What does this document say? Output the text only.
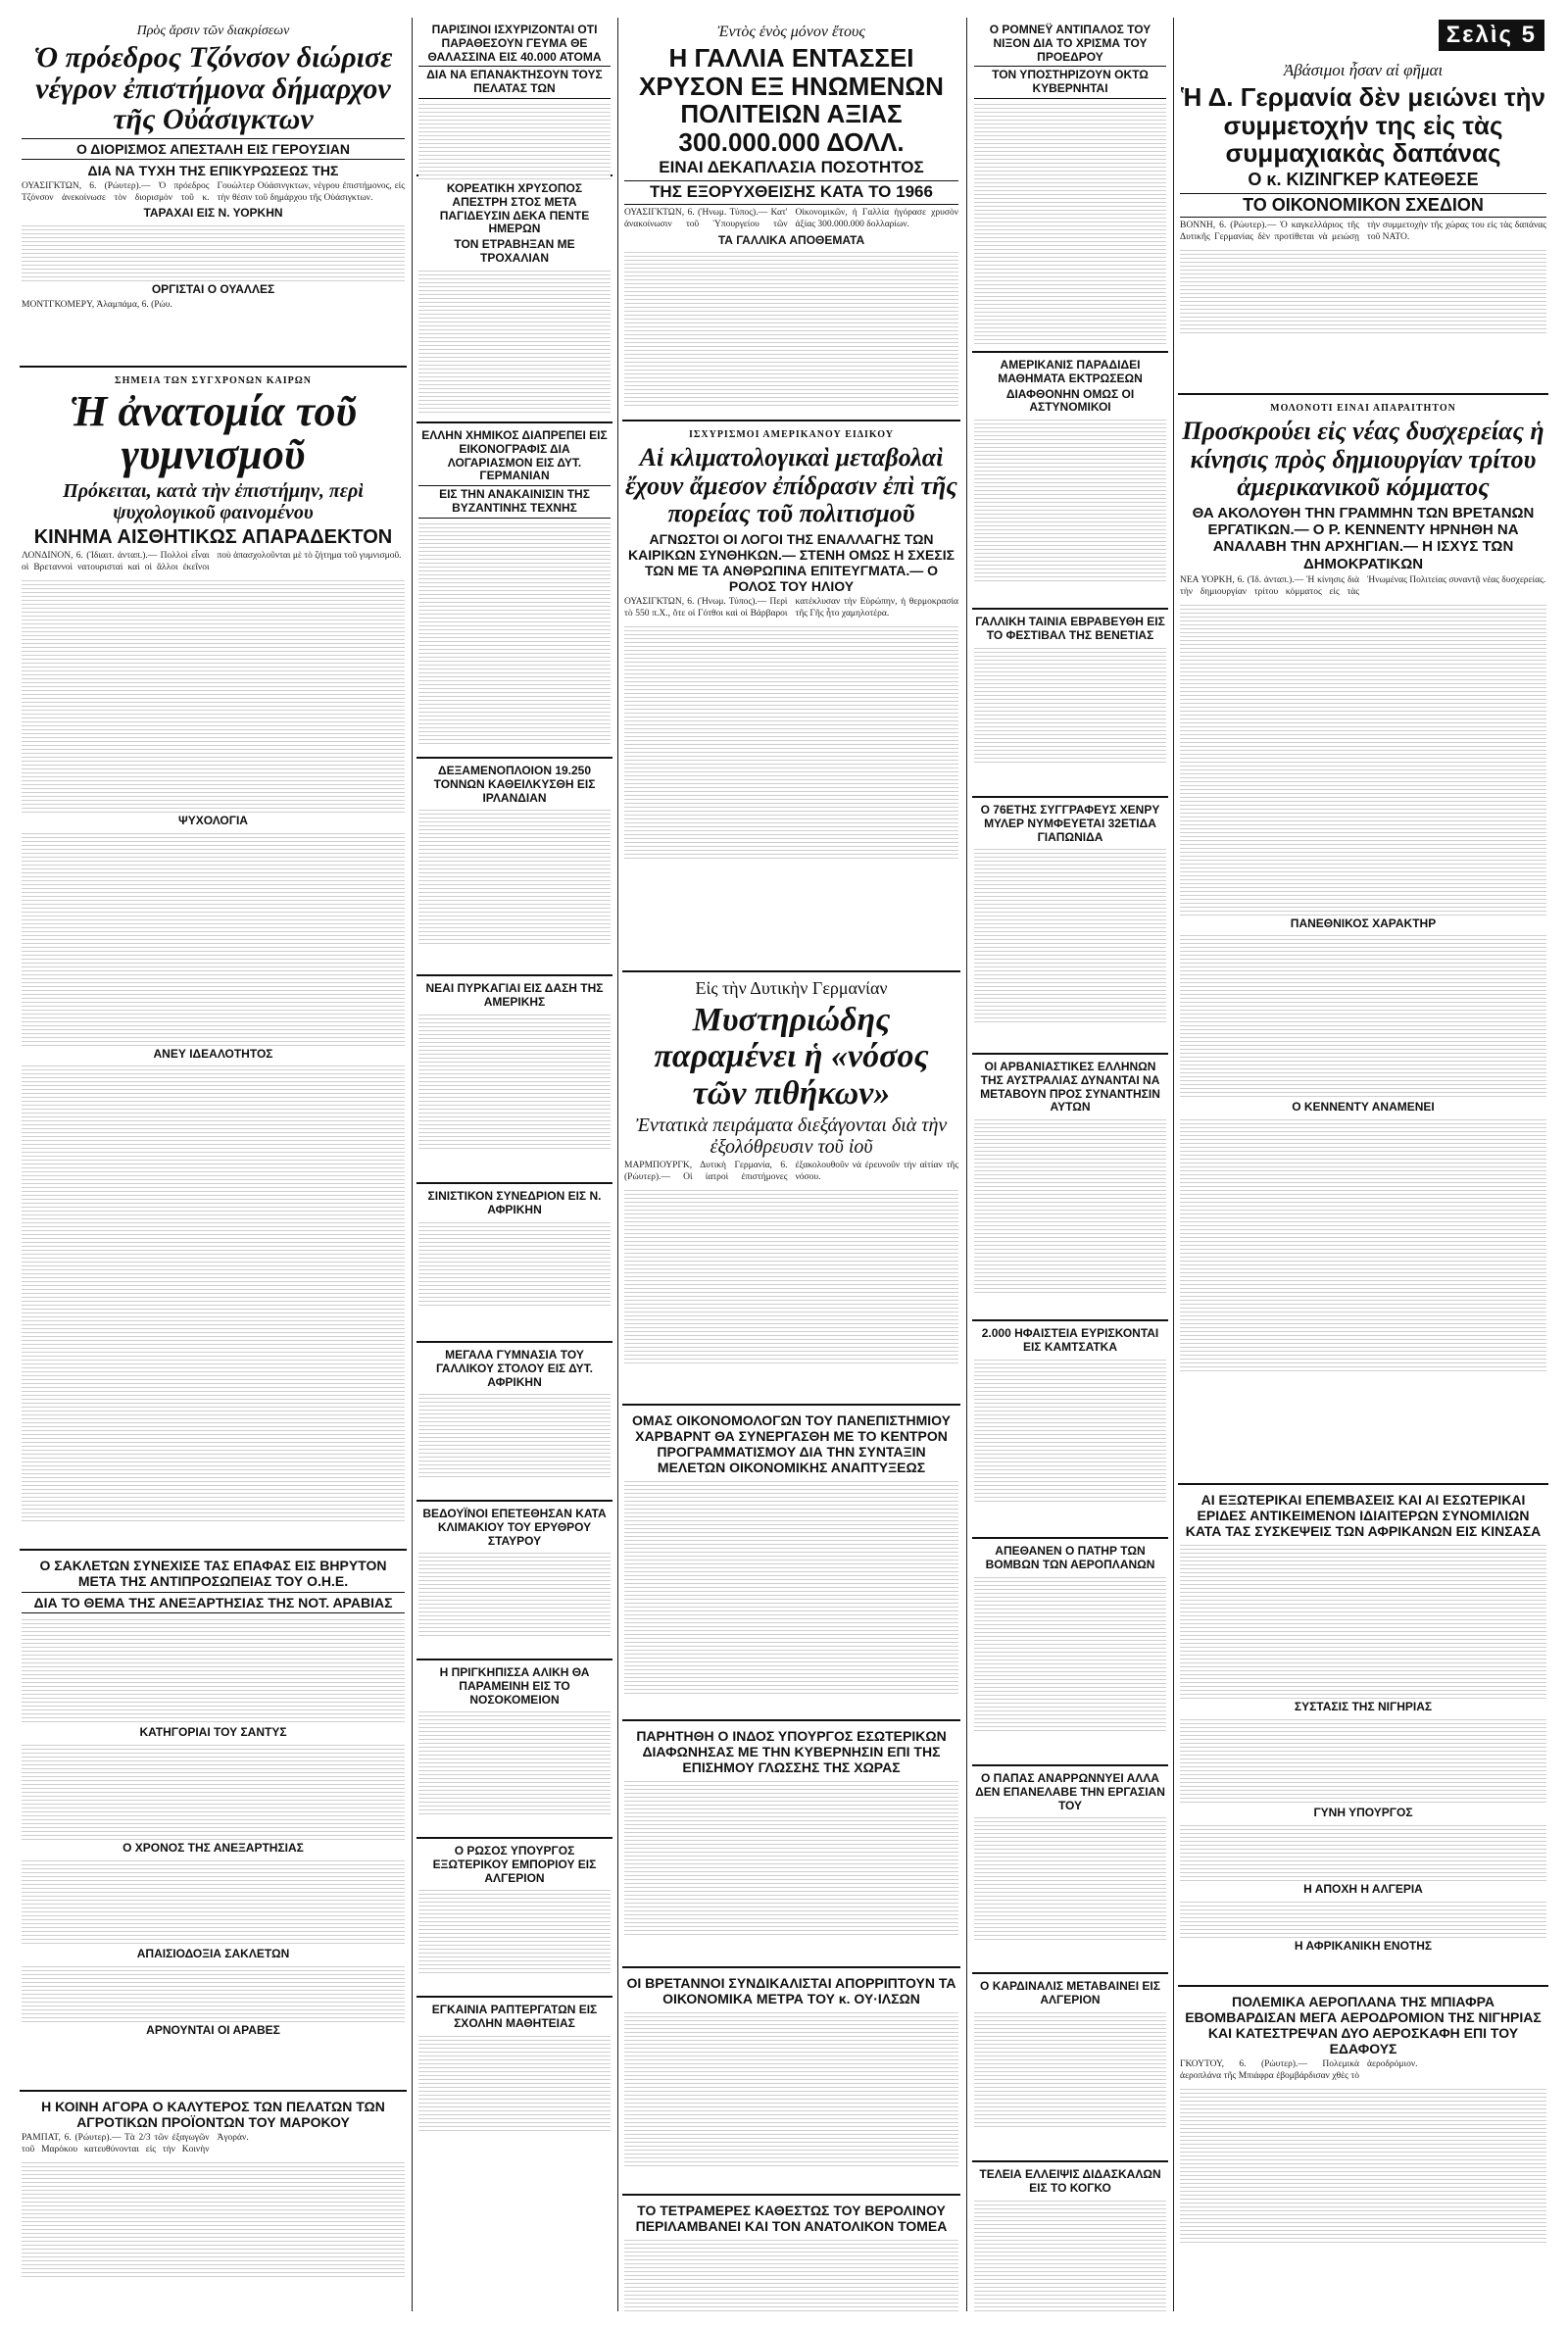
Πρὸς ἄρσιν τῶν διακρίσεων
Ὁ πρόεδρος Τζόνσον διώρισε νέγρον ἐπιστήμονα δήμαρχον τῆς Οὐάσιγκτων
Ο ΔΙΟΡΙΣΜΟΣ ΑΠΕΣΤΑΛΗ ΕΙΣ ΓΕΡΟΥΣΙΑΝ
ΔΙΑ ΝΑ ΤΥΧΗ ΤΗΣ ΕΠΙΚΥΡΩΣΕΩΣ ΤΗΣ
ΟΥΑΣΙΓΚΤΩΝ, 6. (Ρώυτερ).— Ὁ πρόεδρος Τζόνσον ἀνεκοίνωσε τὸν διορισμὸν τοῦ κ. Γουώλτερ Οὐάσινγκτων, νέγρου ἐπιστήμονος, εἰς τὴν θέσιν τοῦ δημάρχου τῆς Οὐάσιγκτων.
ΤΑΡΑΧΑΙ ΕΙΣ Ν. ΥΟΡΚΗΝ
ΟΡΓΙΣΤΑΙ Ο ΟΥΑΛΛΕΣ
ΜΟΝΤΓΚΟΜΕΡΥ, Ἀλαμπάμα, 6. (Ρώυ.
ΣΗΜΕΙΑ ΤΩΝ ΣΥΓΧΡΟΝΩΝ ΚΑΙΡΩΝ
Ἡ ἀνατομία τοῦ γυμνισμοῦ
Πρόκειται, κατὰ τὴν ἐπιστήμην, περὶ ψυχολογικοῦ φαινομένου
ΚΙΝΗΜΑ ΑΙΣΘΗΤΙΚΩΣ ΑΠΑΡΑΔΕΚΤΟΝ
ΛΟΝΔΙΝΟΝ, 6. (Ἰδιαιτ. ἀνταπ.).— Πολλοὶ εἶναι οἱ Βρεταννοὶ νατουρισταὶ καὶ οἱ ἄλλοι ἐκεῖνοι ποὺ ἀπασχολοῦνται μὲ τὸ ζήτημα τοῦ γυμνισμοῦ.
ΨΥΧΟΛΟΓΙΑ
ΑΝΕΥ ΙΔΕΑΛΟΤΗΤΟΣ
Ο ΣΑΚΛΕΤΩΝ ΣΥΝΕΧΙΣΕ ΤΑΣ ΕΠΑΦΑΣ ΕΙΣ ΒΗΡΥΤΟΝ ΜΕΤΑ ΤΗΣ ΑΝΤΙΠΡΟΣΩΠΕΙΑΣ ΤΟΥ Ο.Η.Ε.
ΔΙΑ ΤΟ ΘΕΜΑ ΤΗΣ ΑΝΕΞΑΡΤΗΣΙΑΣ ΤΗΣ ΝΟΤ. ΑΡΑΒΙΑΣ
ΚΑΤΗΓΟΡΙΑΙ ΤΟΥ ΣΑΝΤΥΣ
Ο ΧΡΟΝΟΣ ΤΗΣ ΑΝΕΞΑΡΤΗΣΙΑΣ
ΑΠΑΙΣΙΟΔΟΞΙΑ ΣΑΚΛΕΤΩΝ
ΑΡΝΟΥΝΤΑΙ ΟΙ ΑΡΑΒΕΣ
Η ΚΟΙΝΗ ΑΓΟΡΑ Ο ΚΑΛΥΤΕΡΟΣ ΤΩΝ ΠΕΛΑΤΩΝ ΤΩΝ ΑΓΡΟΤΙΚΩΝ ΠΡΟΪΟΝΤΩΝ ΤΟΥ ΜΑΡΟΚΟΥ
ΡΑΜΠΑΤ, 6. (Ρώυτερ).— Τὰ 2/3 τῶν ἐξαγωγῶν τοῦ Μαρόκου κατευθύνονται εἰς τὴν Κοινὴν Ἀγοράν.
ΠΑΡΙΣΙΝΟΙ ΙΣΧΥΡΙΖΟΝΤΑΙ ΟΤΙ ΠΑΡΑΘΕΣΟΥΝ ΓΕΥΜΑ ΘΕ ΘΑΛΑΣΣΙΝΑ ΕΙΣ 40.000 ΑΤΟΜΑ
ΔΙΑ ΝΑ ΕΠΑΝΑΚΤΗΣΟΥΝ ΤΟΥΣ ΠΕΛΑΤΑΣ ΤΩΝ
ΚΟΡΕΑΤΙΚΗ ΧΡΥΣΟΠΟΣ ΑΠΕΣΤΡΗ ΣΤΟΣ ΜΕΤΑ ΠΑΓΙΔΕΥΣΙΝ ΔΕΚΑ ΠΕΝΤΕ ΗΜΕΡΩΝ
ΤΟΝ ΕΤΡΑΒΗΞΑΝ ΜΕ ΤΡΟΧΑΛΙΑΝ
ΕΛΛΗΝ ΧΗΜΙΚΟΣ ΔΙΑΠΡΕΠΕΙ ΕΙΣ ΕΙΚΟΝΟΓΡΑΦΙΣ ΔΙΑ ΛΟΓΑΡΙΑΣΜΟΝ ΕΙΣ ΔΥΤ. ΓΕΡΜΑΝΙΑΝ
ΕΙΣ ΤΗΝ ΑΝΑΚΑΙΝΙΣΙΝ ΤΗΣ ΒΥΖΑΝΤΙΝΗΣ ΤΕΧΝΗΣ
ΔΕΞΑΜΕΝΟΠΛΟΙΟΝ 19.250 ΤΟΝΝΩΝ ΚΑΘΕΙΛΚΥΣΘΗ ΕΙΣ ΙΡΛΑΝΔΙΑΝ
ΝΕΑΙ ΠΥΡΚΑΓΙΑΙ ΕΙΣ ΔΑΣΗ ΤΗΣ ΑΜΕΡΙΚΗΣ
ΣΙΝΙΣΤΙΚΟΝ ΣΥΝΕΔΡΙΟΝ ΕΙΣ Ν. ΑΦΡΙΚΗΝ
ΜΕΓΑΛΑ ΓΥΜΝΑΣΙΑ ΤΟΥ ΓΑΛΛΙΚΟΥ ΣΤΟΛΟΥ ΕΙΣ ΔΥΤ. ΑΦΡΙΚΗΝ
ΒΕΔΟΥΪΝΟΙ ΕΠΕΤΕΘΗΣΑΝ ΚΑΤΑ ΚΛΙΜΑΚΙΟΥ ΤΟΥ ΕΡΥΘΡΟΥ ΣΤΑΥΡΟΥ
Η ΠΡΙΓΚΗΠΙΣΣΑ ΑΛΙΚΗ ΘΑ ΠΑΡΑΜΕΙΝΗ ΕΙΣ ΤΟ ΝΟΣΟΚΟΜΕΙΟΝ
Ο ΡΩΣΟΣ ΥΠΟΥΡΓΟΣ ΕΞΩΤΕΡΙΚΟΥ ΕΜΠΟΡΙΟΥ ΕΙΣ ΑΛΓΕΡΙΟΝ
ΕΓΚΑΙΝΙΑ ΡΑΠΤΕΡΓΑΤΩΝ ΕΙΣ ΣΧΟΛΗΝ ΜΑΘΗΤΕΙΑΣ
Ἐντὸς ἑνὸς μόνον ἔτους
Η ΓΑΛΛΙΑ ΕΝΤΑΣΣΕΙ ΧΡΥΣΟΝ ΕΞ ΗΝΩΜΕΝΩΝ ΠΟΛΙΤΕΙΩΝ ΑΞΙΑΣ 300.000.000 ΔΟΛΛ.
ΕΙΝΑΙ ΔΕΚΑΠΛΑΣΙΑ ΠΟΣΟΤΗΤΟΣ
ΤΗΣ ΕΞΟΡΥΧΘΕΙΣΗΣ ΚΑΤΑ ΤΟ 1966
ΟΥΑΣΙΓΚΤΩΝ, 6. (Ἡνωμ. Τύπος).— Κατ' ἀνακοίνωσιν τοῦ Ὑπουργείου τῶν Οἰκονομικῶν, ἡ Γαλλία ἠγόρασε χρυσὸν ἀξίας 300.000.000 δολλαρίων.
ΤΑ ΓΑΛΛΙΚΑ ΑΠΟΘΕΜΑΤΑ
ΙΣΧΥΡΙΣΜΟΙ ΑΜΕΡΙΚΑΝΟΥ ΕΙΔΙΚΟΥ
Αἱ κλιματολογικαὶ μεταβολαὶ ἔχουν ἄμεσον ἐπίδρασιν ἐπὶ τῆς πορείας τοῦ πολιτισμοῦ
ΑΓΝΩΣΤΟΙ ΟΙ ΛΟΓΟΙ ΤΗΣ ΕΝΑΛΛΑΓΗΣ ΤΩΝ ΚΑΙΡΙΚΩΝ ΣΥΝΘΗΚΩΝ.— ΣΤΕΝΗ ΟΜΩΣ Η ΣΧΕΣΙΣ ΤΩΝ ΜΕ ΤΑ ΑΝΘΡΩΠΙΝΑ ΕΠΙΤΕΥΓΜΑΤΑ.— Ο ΡΟΛΟΣ ΤΟΥ ΗΛΙΟΥ
ΟΥΑΣΙΓΚΤΩΝ, 6. (Ἡνωμ. Τύπος).— Περὶ τὸ 550 π.Χ., ὅτε οἱ Γότθοι καὶ οἱ Βάρβαροι κατέκλυσαν τὴν Εὐρώπην, ἡ θερμοκρασία τῆς Γῆς ἦτο χαμηλοτέρα.
Εἰς τὴν Δυτικὴν Γερμανίαν
Μυστηριώδης παραμένει ἡ «νόσος τῶν πιθήκων»
Ἐντατικὰ πειράματα διεξάγονται διὰ τὴν ἐξολόθρευσιν τοῦ ἰοῦ
ΜΑΡΜΠΟΥΡΓΚ, Δυτικὴ Γερμανία, 6. (Ρώυτερ).— Οἱ ἰατροὶ ἐπιστήμονες ἐξακολουθοῦν νὰ ἐρευνοῦν τὴν αἰτίαν τῆς νόσου.
ΟΜΑΣ ΟΙΚΟΝΟΜΟΛΟΓΩΝ ΤΟΥ ΠΑΝΕΠΙΣΤΗΜΙΟΥ ΧΑΡΒΑΡΝΤ ΘΑ ΣΥΝΕΡΓΑΣΘΗ ΜΕ ΤΟ ΚΕΝΤΡΟΝ ΠΡΟΓΡΑΜΜΑΤΙΣΜΟΥ ΔΙΑ ΤΗΝ ΣΥΝΤΑΞΙΝ ΜΕΛΕΤΩΝ ΟΙΚΟΝΟΜΙΚΗΣ ΑΝΑΠΤΥΞΕΩΣ
ΠΑΡΗΤΗΘΗ Ο ΙΝΔΟΣ ΥΠΟΥΡΓΟΣ ΕΣΩΤΕΡΙΚΩΝ ΔΙΑΦΩΝΗΣΑΣ ΜΕ ΤΗΝ ΚΥΒΕΡΝΗΣΙΝ ΕΠΙ ΤΗΣ ΕΠΙΣΗΜΟΥ ΓΛΩΣΣΗΣ ΤΗΣ ΧΩΡΑΣ
ΟΙ ΒΡΕΤΑΝΝΟΙ ΣΥΝΔΙΚΑΛΙΣΤΑΙ ΑΠΟΡΡΙΠΤΟΥΝ ΤΑ ΟΙΚΟΝΟΜΙΚΑ ΜΕΤΡΑ ΤΟΥ κ. ΟΥ·ΙΛΣΩΝ
ΤΟ ΤΕΤΡΑΜΕΡΕΣ ΚΑΘΕΣΤΩΣ ΤΟΥ ΒΕΡΟΛΙΝΟΥ ΠΕΡΙΛΑΜΒΑΝΕΙ ΚΑΙ ΤΟΝ ΑΝΑΤΟΛΙΚΟΝ ΤΟΜΕΑ
Ο ΡΟΜΝΕΫ ΑΝΤΙΠΑΛΟΣ ΤΟΥ ΝΙΞΟΝ ΔΙΑ ΤΟ ΧΡΙΣΜΑ ΤΟΥ ΠΡΟΕΔΡΟΥ
ΤΟΝ ΥΠΟΣΤΗΡΙΖΟΥΝ ΟΚΤΩ ΚΥΒΕΡΝΗΤΑΙ
ΑΜΕΡΙΚΑΝΙΣ ΠΑΡΑΔΙΔΕΙ ΜΑΘΗΜΑΤΑ ΕΚΤΡΩΣΕΩΝ
ΔΙΑΦΘΟΝΗΝ ΟΜΩΣ ΟΙ ΑΣΤΥΝΟΜΙΚΟΙ
ΓΑΛΛΙΚΗ ΤΑΙΝΙΑ ΕΒΡΑΒΕΥΘΗ ΕΙΣ ΤΟ ΦΕΣΤΙΒΑΛ ΤΗΣ ΒΕΝΕΤΙΑΣ
Ο 76ΕΤΗΣ ΣΥΓΓΡΑΦΕΥΣ ΧΕΝΡΥ ΜΥΛΕΡ ΝΥΜΦΕΥΕΤΑΙ 32ΕΤΙΔΑ ΓΙΑΠΩΝΙΔΑ
ΟΙ ΑΡΒΑΝΙΑΣΤΙΚΕΣ ΕΛΛΗΝΩΝ ΤΗΣ ΑΥΣΤΡΑΛΙΑΣ ΔΥΝΑΝΤΑΙ ΝΑ ΜΕΤΑΒΟΥΝ ΠΡΟΣ ΣΥΝΑΝΤΗΣΙΝ ΑΥΤΩΝ
2.000 ΗΦΑΙΣΤΕΙΑ ΕΥΡΙΣΚΟΝΤΑΙ ΕΙΣ ΚΑΜΤΣΑΤΚΑ
ΑΠΕΘΑΝΕΝ Ο ΠΑΤΗΡ ΤΩΝ ΒΟΜΒΩΝ ΤΩΝ ΑΕΡΟΠΛΑΝΩΝ
Ο ΠΑΠΑΣ ΑΝΑΡΡΩΝΝΥΕΙ ΑΛΛΑ ΔΕΝ ΕΠΑΝΕΛΑΒΕ ΤΗΝ ΕΡΓΑΣΙΑΝ ΤΟΥ
Ο ΚΑΡΔΙΝΑΛΙΣ ΜΕΤΑΒΑΙΝΕΙ ΕΙΣ ΑΛΓΕΡΙΟΝ
ΤΕΛΕΙΑ ΕΛΛΕΙΨΙΣ ΔΙΔΑΣΚΑΛΩΝ ΕΙΣ ΤΟ ΚΟΓΚΟ
Σελὶς 5
Ἀβάσιμοι ἦσαν αἱ φῆμαι
Ἡ Δ. Γερμανία δὲν μειώνει τὴν συμμετοχήν της εἰς τὰς συμμαχιακὰς δαπάνας
Ο κ. ΚΙΖΙΝΓΚΕΡ ΚΑΤΕΘΕΣΕ
ΤΟ ΟΙΚΟΝΟΜΙΚΟΝ ΣΧΕΔΙΟΝ
ΒΟΝΝΗ, 6. (Ρώυτερ).— Ὁ καγκελλάριος τῆς Δυτικῆς Γερμανίας δὲν προτίθεται νὰ μειώσῃ τὴν συμμετοχὴν τῆς χώρας του εἰς τὰς δαπάνας τοῦ ΝΑΤΟ.
ΜΟΛΟΝΟΤΙ ΕΙΝΑΙ ΑΠΑΡΑΙΤΗΤΟΝ
Προσκρούει εἰς νέας δυσχερείας ἡ κίνησις πρὸς δημιουργίαν τρίτου ἀμερικανικοῦ κόμματος
ΘΑ ΑΚΟΛΟΥΘΗ ΤΗΝ ΓΡΑΜΜΗΝ ΤΩΝ ΒΡΕΤΑΝΩΝ ΕΡΓΑΤΙΚΩΝ.— Ο Ρ. ΚΕΝΝΕΝΤΥ ΗΡΝΗΘΗ ΝΑ ΑΝΑΛΑΒΗ ΤΗΝ ΑΡΧΗΓΙΑΝ.— Η ΙΣΧΥΣ ΤΩΝ ΔΗΜΟΚΡΑΤΙΚΩΝ
ΝΕΑ ΥΟΡΚΗ, 6. (Ἰδ. ἀνταπ.).— Ἡ κίνησις διὰ τὴν δημιουργίαν τρίτου κόμματος εἰς τὰς Ἡνωμένας Πολιτείας συναντᾷ νέας δυσχερείας.
ΠΑΝΕΘΝΙΚΟΣ ΧΑΡΑΚΤΗΡ
Ο ΚΕΝΝΕΝΤΥ ΑΝΑΜΕΝΕΙ
ΑΙ ΕΞΩΤΕΡΙΚΑΙ ΕΠΕΜΒΑΣΕΙΣ ΚΑΙ ΑΙ ΕΣΩΤΕΡΙΚΑΙ ΕΡΙΔΕΣ ΑΝΤΙΚΕΙΜΕΝΟΝ ΙΔΙΑΙΤΕΡΩΝ ΣΥΝΟΜΙΛΙΩΝ ΚΑΤΑ ΤΑΣ ΣΥΣΚΕΨΕΙΣ ΤΩΝ ΑΦΡΙΚΑΝΩΝ ΕΙΣ ΚΙΝΣΑΣΑ
ΣΥΣΤΑΣΙΣ ΤΗΣ ΝΙΓΗΡΙΑΣ
ΓΥΝΗ ΥΠΟΥΡΓΟΣ
Η ΑΠΟΧΗ Η ΑΛΓΕΡΙΑ
Η ΑΦΡΙΚΑΝΙΚΗ ΕΝΟΤΗΣ
ΠΟΛΕΜΙΚΑ ΑΕΡΟΠΛΑΝΑ ΤΗΣ ΜΠΙΑΦΡΑ ΕΒΟΜΒΑΡΔΙΣΑΝ ΜΕΓΑ ΑΕΡΟΔΡΟΜΙΟΝ ΤΗΣ ΝΙΓΗΡΙΑΣ ΚΑΙ ΚΑΤΕΣΤΡΕΨΑΝ ΔΥΟ ΑΕΡΟΣΚΑΦΗ ΕΠΙ ΤΟΥ ΕΔΑΦΟΥΣ
ΓΚΟΥΤΟΥ, 6. (Ρώυτερ).— Πολεμικὰ ἀεροπλάνα τῆς Μπιάφρα ἐβομβάρδισαν χθὲς τὸ ἀεροδρόμιον.
